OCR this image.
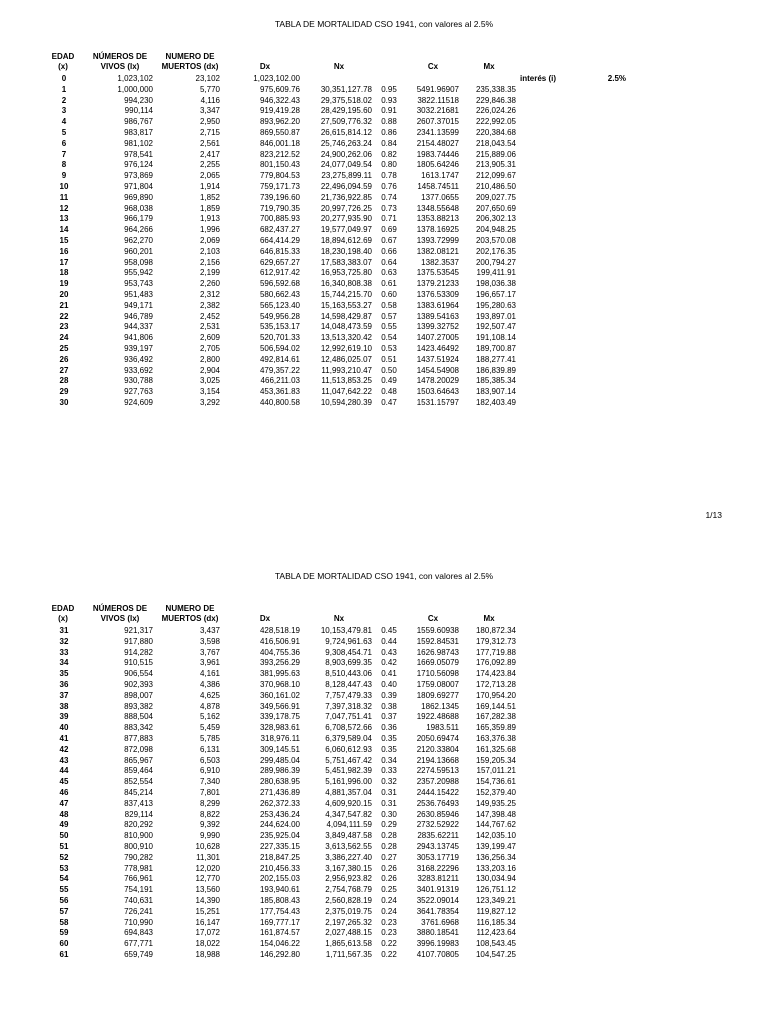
TABLA DE MORTALIDAD CSO 1941, con valores al 2.5%
EDAD
(x)
NÚMEROS DE
VIVOS (lx)
NUMERO DE
MUERTOS (dx)	Dx	Nx	Cx	Mx
interés (i)	2.5%
0	1,023,102	23,102	1,023,102.00
1	1,000,000	5,770	975,609.76	30,351,127.78	0.95	5491.96907	235,338.35
2	994,230	4,116	946,322.43	29,375,518.02	0.93	3822.11518	229,846.38
3	990,114	3,347	919,419.28	28,429,195.60	0.91	3032.21681	226,024.26
4	986,767	2,950	893,962.20	27,509,776.32	0.88	2607.37015	222,992.05
5	983,817	2,715	869,550.87	26,615,814.12	0.86	2341.13599	220,384.68
6	981,102	2,561	846,001.18	25,746,263.24	0.84	2154.48027	218,043.54
7	978,541	2,417	823,212.52	24,900,262.06	0.82	1983.74446	215,889.06
8	976,124	2,255	801,150.43	24,077,049.54	0.80	1805.64246	213,905.31
9	973,869	2,065	779,804.53	23,275,899.11	0.78	1613.1747	212,099.67
10	971,804	1,914	759,171.73	22,496,094.59	0.76	1458.74511	210,486.50
11	969,890	1,852	739,196.60	21,736,922.85	0.74	1377.0655	209,027.75
12	968,038	1,859	719,790.35	20,997,726.25	0.73	1348.55648	207,650.69
13	966,179	1,913	700,885.93	20,277,935.90	0.71	1353.88213	206,302.13
14	964,266	1,996	682,437.27	19,577,049.97	0.69	1378.16925	204,948.25
15	962,270	2,069	664,414.29	18,894,612.69	0.67	1393.72999	203,570.08
16	960,201	2,103	646,815.33	18,230,198.40	0.66	1382.08121	202,176.35
17	958,098	2,156	629,657.27	17,583,383.07	0.64	1382.3537	200,794.27
18	955,942	2,199	612,917.42	16,953,725.80	0.63	1375.53545	199,411.91
19	953,743	2,260	596,592.68	16,340,808.38	0.61	1379.21233	198,036.38
20	951,483	2,312	580,662.43	15,744,215.70	0.60	1376.53309	196,657.17
21	949,171	2,382	565,123.40	15,163,553.27	0.58	1383.61964	195,280.63
22	946,789	2,452	549,956.28	14,598,429.87	0.57	1389.54163	193,897.01
23	944,337	2,531	535,153.17	14,048,473.59	0.55	1399.32752	192,507.47
24	941,806	2,609	520,701.33	13,513,320.42	0.54	1407.27005	191,108.14
25	939,197	2,705	506,594.02	12,992,619.10	0.53	1423.46492	189,700.87
26	936,492	2,800	492,814.61	12,486,025.07	0.51	1437.51924	188,277.41
27	933,692	2,904	479,357.22	11,993,210.47	0.50	1454.54908	186,839.89
28	930,788	3,025	466,211.03	11,513,853.25	0.49	1478.20029	185,385.34
29	927,763	3,154	453,361.83	11,047,642.22	0.48	1503.64643	183,907.14
30	924,609	3,292	440,800.58	10,594,280.39	0.47	1531.15797	182,403.49
1/13
TABLA DE MORTALIDAD CSO 1941, con valores al 2.5%
EDAD
(x)
NÚMEROS DE
VIVOS (lx)
NUMERO DE
MUERTOS (dx)	Dx	Nx	Cx	Mx
31	921,317	3,437	428,518.19	10,153,479.81	0.45	1559.60938	180,872.34
32	917,880	3,598	416,506.91	9,724,961.63	0.44	1592.84531	179,312.73
33	914,282	3,767	404,755.36	9,308,454.71	0.43	1626.98743	177,719.88
34	910,515	3,961	393,256.29	8,903,699.35	0.42	1669.05079	176,092.89
35	906,554	4,161	381,995.63	8,510,443.06	0.41	1710.56098	174,423.84
36	902,393	4,386	370,968.10	8,128,447.43	0.40	1759.08007	172,713.28
37	898,007	4,625	360,161.02	7,757,479.33	0.39	1809.69277	170,954.20
38	893,382	4,878	349,566.91	7,397,318.32	0.38	1862.1345	169,144.51
39	888,504	5,162	339,178.75	7,047,751.41	0.37	1922.48688	167,282.38
40	883,342	5,459	328,983.61	6,708,572.66	0.36	1983.511	165,359.89
41	877,883	5,785	318,976.11	6,379,589.04	0.35	2050.69474	163,376.38
42	872,098	6,131	309,145.51	6,060,612.93	0.35	2120.33804	161,325.68
43	865,967	6,503	299,485.04	5,751,467.42	0.34	2194.13668	159,205.34
44	859,464	6,910	289,986.39	5,451,982.39	0.33	2274.59513	157,011.21
45	852,554	7,340	280,638.95	5,161,996.00	0.32	2357.20988	154,736.61
46	845,214	7,801	271,436.89	4,881,357.04	0.31	2444.15422	152,379.40
47	837,413	8,299	262,372.33	4,609,920.15	0.31	2536.76493	149,935.25
48	829,114	8,822	253,436.24	4,347,547.82	0.30	2630.85946	147,398.48
49	820,292	9,392	244,624.00	4,094,111.59	0.29	2732.52922	144,767.62
50	810,900	9,990	235,925.04	3,849,487.58	0.28	2835.62211	142,035.10
51	800,910	10,628	227,335.15	3,613,562.55	0.28	2943.13745	139,199.47
52	790,282	11,301	218,847.25	3,386,227.40	0.27	3053.17719	136,256.34
53	778,981	12,020	210,456.33	3,167,380.15	0.26	3168.22296	133,203.16
54	766,961	12,770	202,155.03	2,956,923.82	0.26	3283.81211	130,034.94
55	754,191	13,560	193,940.61	2,754,768.79	0.25	3401.91319	126,751.12
56	740,631	14,390	185,808.43	2,560,828.19	0.24	3522.09014	123,349.21
57	726,241	15,251	177,754.43	2,375,019.75	0.24	3641.78354	119,827.12
58	710,990	16,147	169,777.17	2,197,265.32	0.23	3761.6968	116,185.34
59	694,843	17,072	161,874.57	2,027,488.15	0.23	3880.18541	112,423.64
60	677,771	18,022	154,046.22	1,865,613.58	0.22	3996.19983	108,543.45
61	659,749	18,988	146,292.80	1,711,567.35	0.22	4107.70805	104,547.25
